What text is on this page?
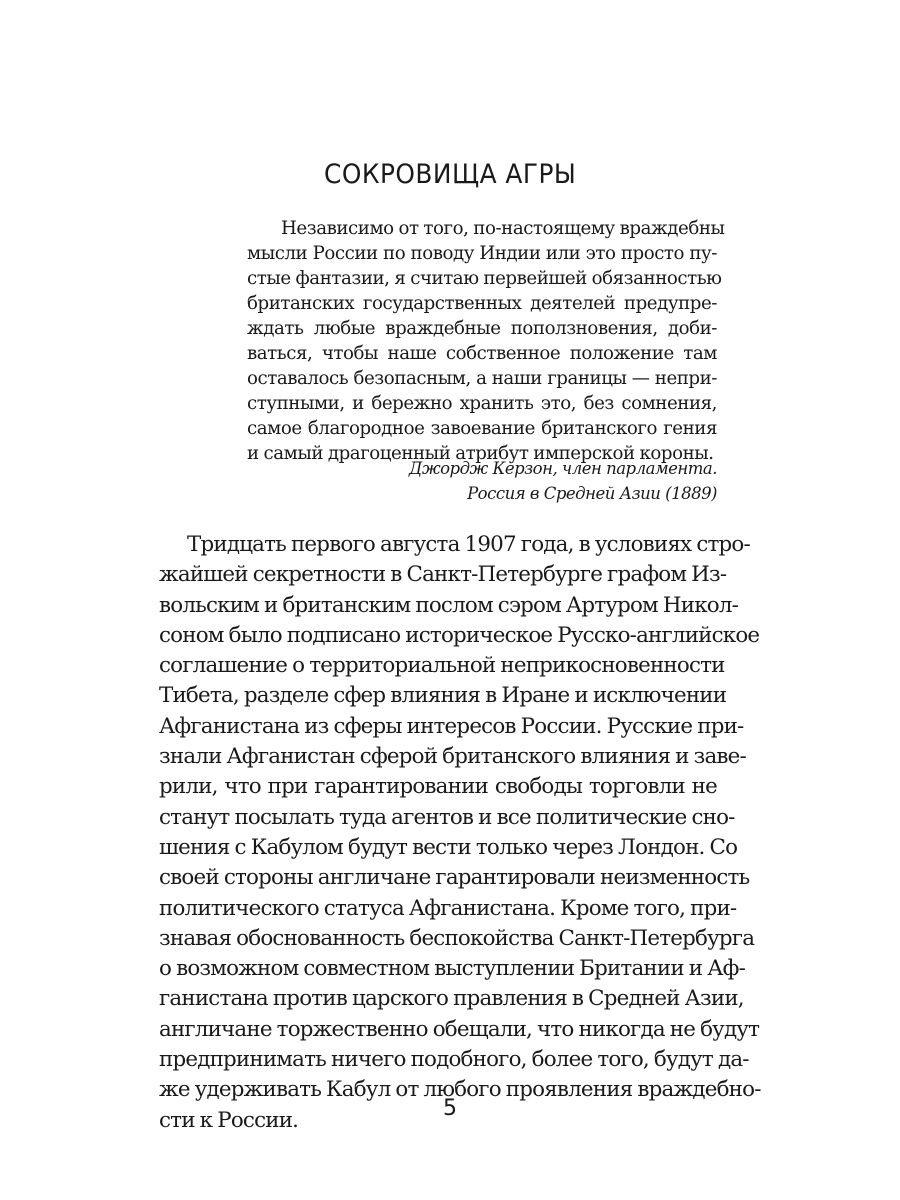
СОКРОВИЩА АГРЫ
Независимо от того, по-настоящему враждебны
мысли России по поводу Индии или это просто пу-
стые фантазии, я считаю первейшей обязанностью
британских государственных деятелей предупре-
ждать любые враждебные поползновения, доби-
ваться, чтобы наше собственное положение там
оставалось безопасным, а наши границы — непри-
ступными, и бережно хранить это, без сомнения,
самое благородное завоевание британского гения
и самый драгоценный атрибут имперской короны.
Джордж Керзон, член парламента.
Россия в Средней Азии (1889)
Тридцать первого августа 1907 года, в условиях стро-
жайшей секретности в Санкт-Петербурге графом Из-
вольским и британским послом сэром Артуром Никол-
соном было подписано историческое Русско-английское
соглашение о территориальной неприкосновенности
Тибета, разделе сфер влияния в Иране и исключении
Афганистана из сферы интересов России. Русские при-
знали Афганистан сферой британского влияния и заве-
рили, что при гарантировании свободы торговли не
станут посылать туда агентов и все политические сно-
шения с Кабулом будут вести только через Лондон. Со
своей стороны англичане гарантировали неизменность
политического статуса Афганистана. Кроме того, при-
знавая обоснованность беспокойства Санкт-Петербурга
о возможном совместном выступлении Британии и Аф-
ганистана против царского правления в Средней Азии,
англичане торжественно обещали, что никогда не будут
предпринимать ничего подобного, более того, будут да-
же удерживать Кабул от любого проявления враждебно-
сти к России.	5
